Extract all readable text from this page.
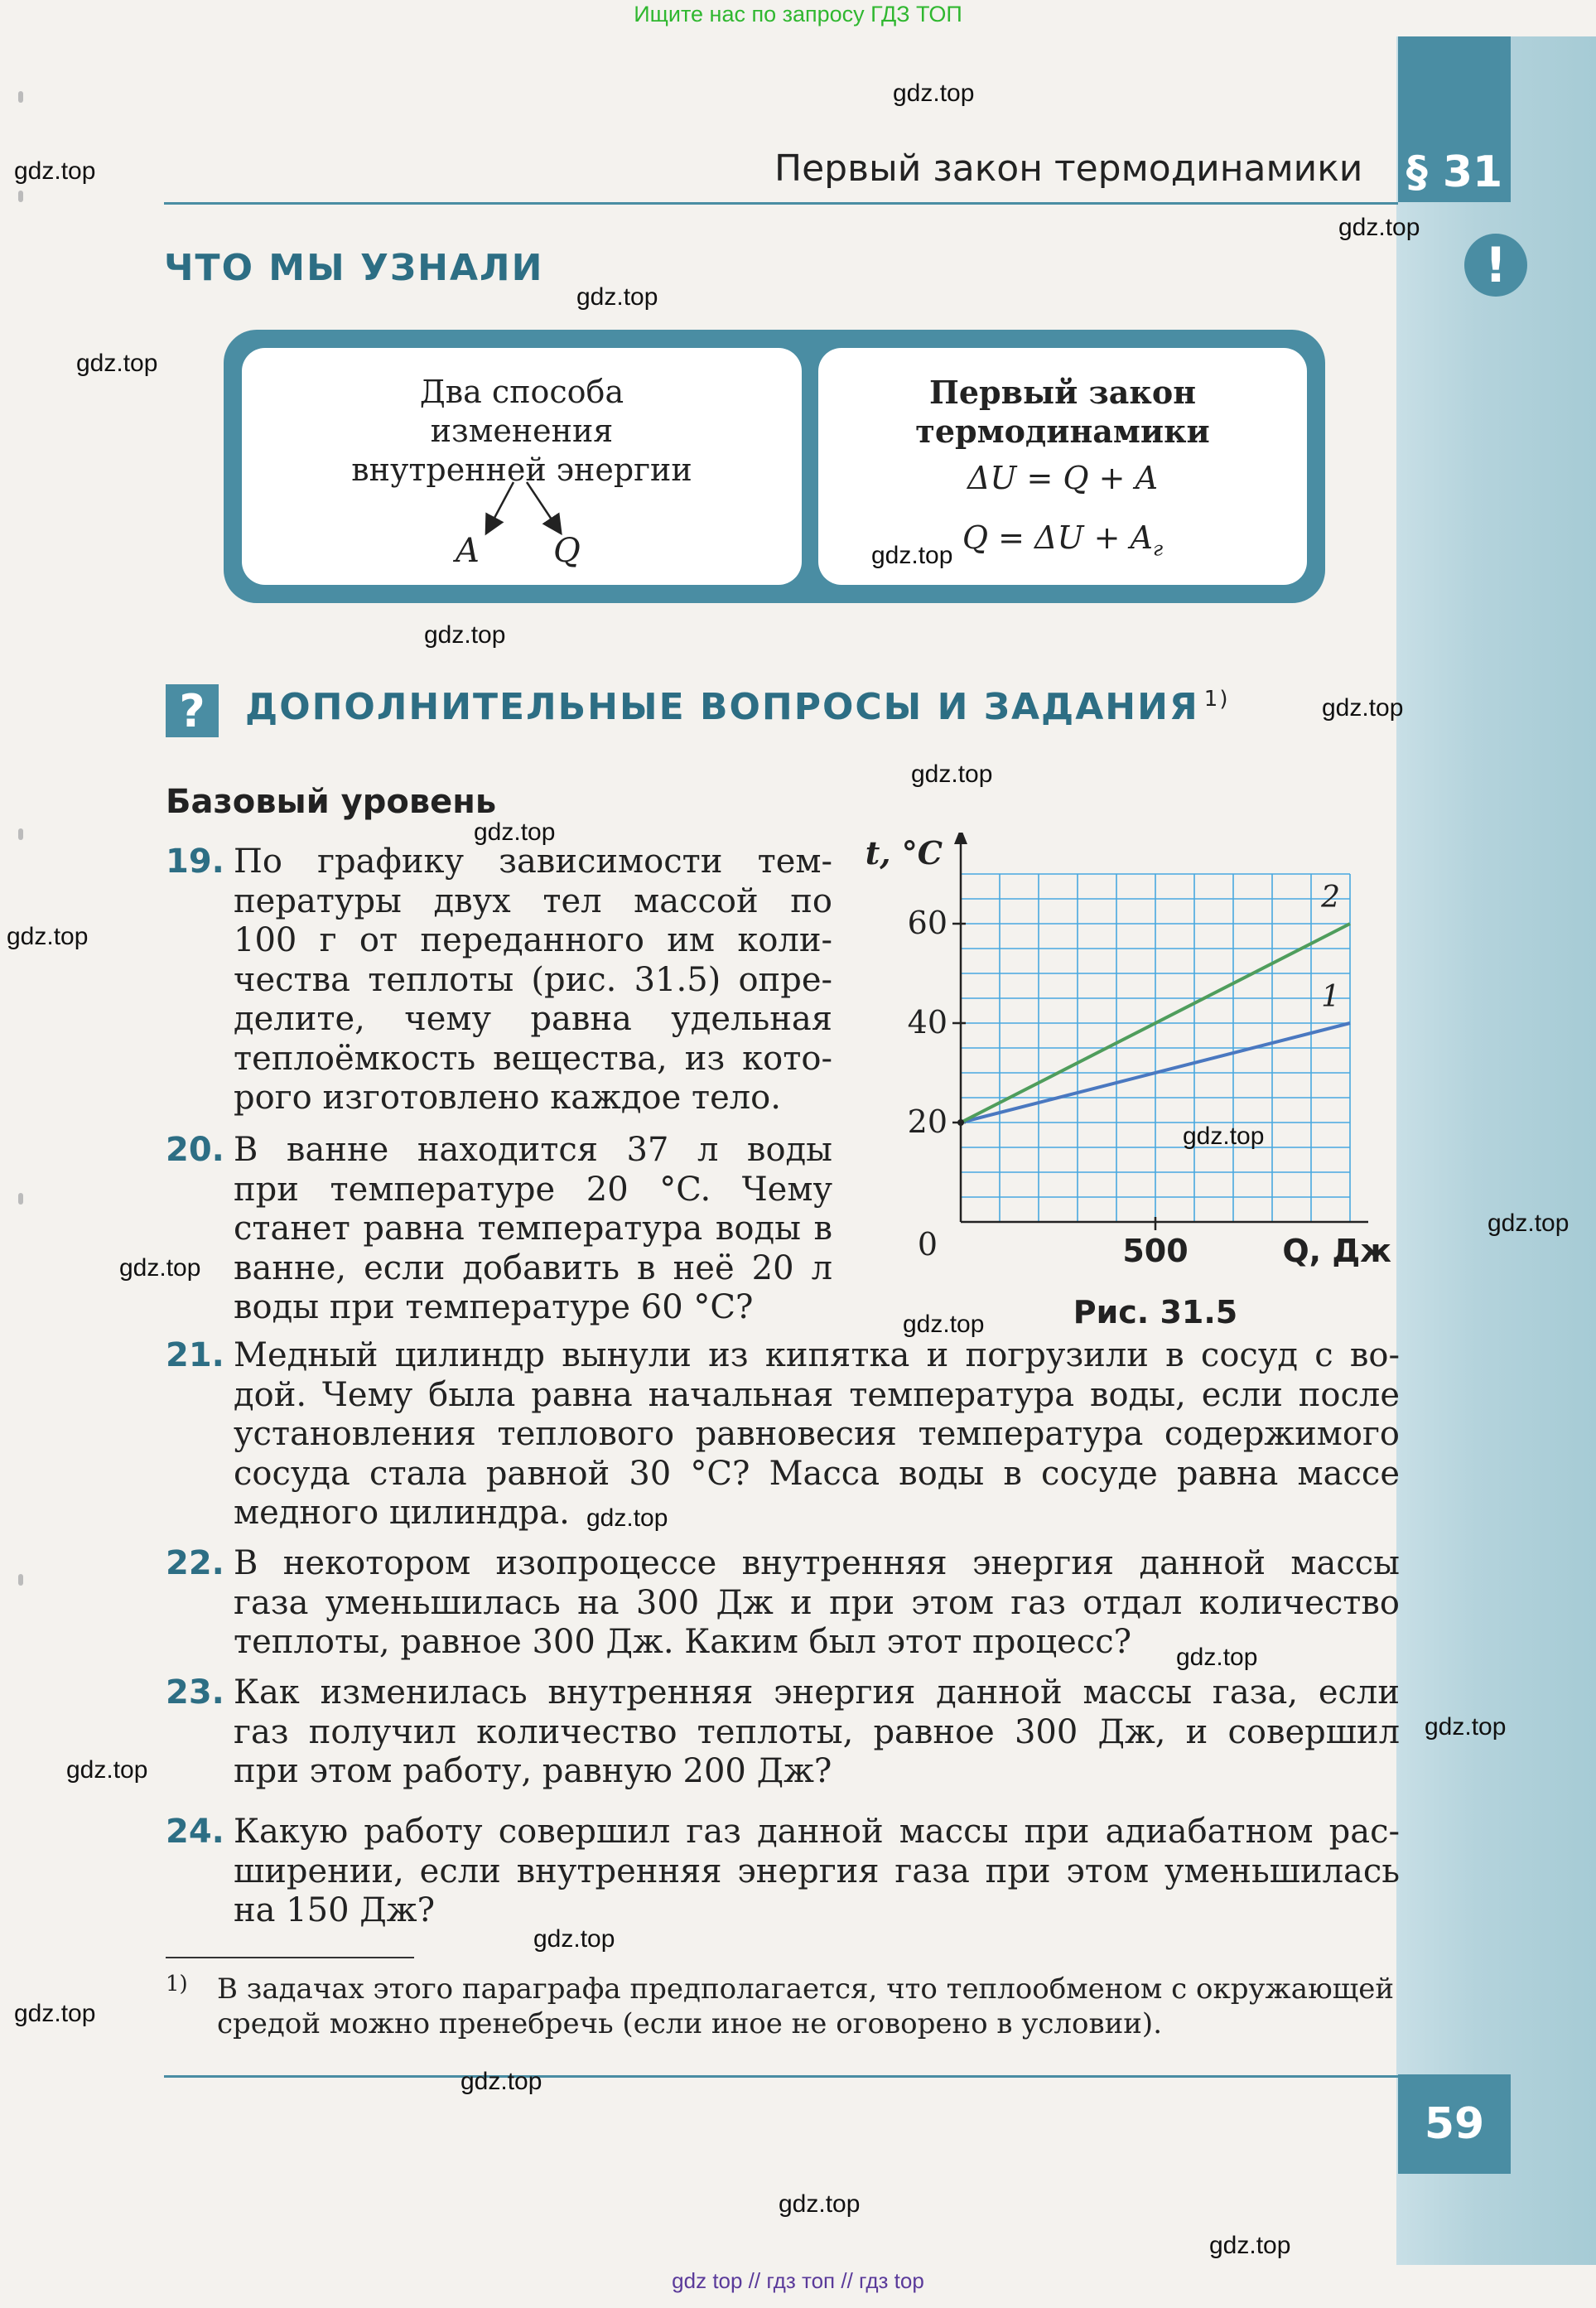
Ищите нас по запросу ГДЗ ТОП
§ 31
!
59
Первый закон термодинамики
ЧТО МЫ УЗНАЛИ
Два способа
изменения
внутренней энергии
A Q
Первый закон
термодинамики
ΔU = Q + A
$Q = \Delta U + A_г$
?	ДОПОЛНИТЕЛЬНЫЕ ВОПРОСЫ И ЗАДАНИЯ $^{1)}$
Базовый уровень
19. По графику зависимости тем-
пературы двух тел массой по
100 г от переданного им коли-
чества теплоты (рис. 31.5) опре-
делите, чему равна удельная
теплоёмкость вещества, из кото-
рого изготовлено каждое тело.
20. В ванне находится 37 л воды
при температуре 20 °C. Чему
станет равна температура воды в
ванне, если добавить в неё 20 л
воды при температуре 60 °C?
20
40
60
500
0
t, °C
Q, Дж
1
2
Рис. 31.5
21. Медный цилиндр вынули из кипятка и погрузили в сосуд с во-
дой. Чему была равна начальная температура воды, если после
установления теплового равновесия температура содержимого
сосуда стала равной 30 °C? Масса воды в сосуде равна массе
медного цилиндра.
22. В некотором изопроцессе внутренняя энергия данной массы
газа уменьшилась на 300 Дж и при этом газ отдал количество
теплоты, равное 300 Дж. Каким был этот процесс?
23. Как изменилась внутренняя энергия данной массы газа, если
газ получил количество теплоты, равное 300 Дж, и совершил
при этом работу, равную 200 Дж?
24. Какую работу совершил газ данной массы при адиабатном рас-
ширении, если внутренняя энергия газа при этом уменьшилась
на 150 Дж?
1) В задачах этого параграфа предполагается, что теплообменом с окружающей
средой можно пренебречь (если иное не оговорено в условии).
gdz.top
gdz.top
gdz.top
gdz.top
gdz.top
gdz.top
gdz.top
gdz.top
gdz.top
gdz.top
gdz.top
gdz.top
gdz.top
gdz.top
gdz.top
gdz.top
gdz.top
gdz.top
gdz.top
gdz.top
gdz.top
gdz.top
gdz.top
gdz.top
gdz top // гдз топ // гдз top
